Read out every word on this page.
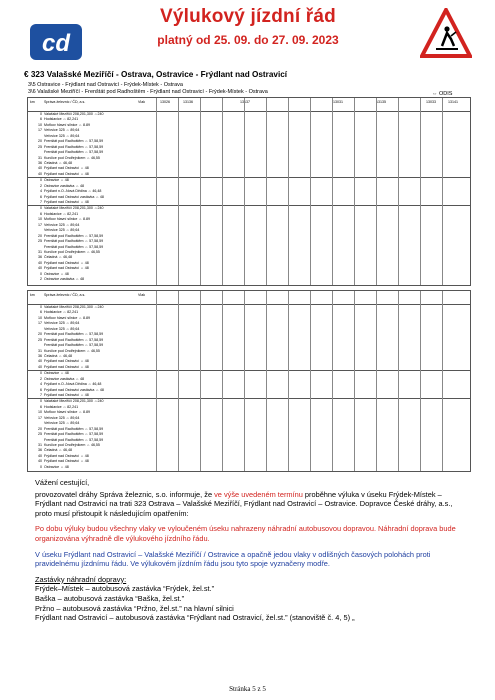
cd
Výlukový jízdní řád
platný od 25. 09. do 27. 09. 2023
€ 323 Valašské Meziříčí - Ostrava, Ostravice - Frýdlant nad Ostravicí
3\5 Ostravice - Frýdlant nad Ostravicí - Frýdek-Místek - Ostrava
3\6 Valašské Meziříčí - Frenštát pod Radhoštěm - Frýdlant nad Ostravicí - Frýdek-Místek - Ostrava	⇔ ODIS
km	Správa železnic / ČD, a.s.	Vlak	13026	13136	13137	13031	13135	13033	13141
0 Valašské Meziříčí 208,201,300 ⇔240
6 Hodslavice ⇔ 82,241
10 Mořkov hlavní silnice ⇔ 8.89
17 Veřovice 325 ⇔ 89,64
Veřovice 325 ⇔ 89,64
20 Frenštát pod Radhoštěm ⇔ 57,58,59
25 Frenštát pod Radhoštěm ⇔ 57,58,59
Frenštát pod Radhoštěm ⇔ 57,58,59
31 Kunčice pod Ondřejníkem ⇔ 46,55
36 Čeladná ⇔ 46,48
40 Frýdlant nad Ostravicí ⇔ 48
40 Frýdlant nad Ostravicí ⇔ 48
0 Ostravice ⇔ 48
2 Ostravice zastávka ⇔ 48
4 Frýdlant n.O.-Nová Dědina ⇔ 46,48
6 Frýdlant nad Ostravicí zastávka ⇔ 48
7 Frýdlant nad Ostravicí ⇔ 48
0 Valašské Meziříčí 208,201,300 ⇔240
6 Hodslavice ⇔ 82,241
10 Mořkov hlavní silnice ⇔ 8.89
17 Veřovice 325 ⇔ 89,64
Veřovice 325 ⇔ 89,64
20 Frenštát pod Radhoštěm ⇔ 57,58,59
25 Frenštát pod Radhoštěm ⇔ 57,58,59
Frenštát pod Radhoštěm ⇔ 57,58,59
31 Kunčice pod Ondřejníkem ⇔ 46,55
36 Čeladná ⇔ 46,48
40 Frýdlant nad Ostravicí ⇔ 48
40 Frýdlant nad Ostravicí ⇔ 48
0 Ostravice ⇔ 48
2 Ostravice zastávka ⇔ 48
km	Správa železnic / ČD, a.s.	Vlak
0 Valašské Meziříčí 208,201,300 ⇔240
6 Hodslavice ⇔ 82,241
10 Mořkov hlavní silnice ⇔ 8.89
17 Veřovice 325 ⇔ 89,64
Veřovice 325 ⇔ 89,64
20 Frenštát pod Radhoštěm ⇔ 57,58,59
25 Frenštát pod Radhoštěm ⇔ 57,58,59
Frenštát pod Radhoštěm ⇔ 57,58,59
31 Kunčice pod Ondřejníkem ⇔ 46,55
36 Čeladná ⇔ 46,48
40 Frýdlant nad Ostravicí ⇔ 48
40 Frýdlant nad Ostravicí ⇔ 48
0 Ostravice ⇔ 48
2 Ostravice zastávka ⇔ 48
4 Frýdlant n.O.-Nová Dědina ⇔ 46,48
6 Frýdlant nad Ostravicí zastávka ⇔ 48
7 Frýdlant nad Ostravicí ⇔ 48
0 Valašské Meziříčí 208,201,300 ⇔240
6 Hodslavice ⇔ 82,241
10 Mořkov hlavní silnice ⇔ 8.89
17 Veřovice 325 ⇔ 89,64
Veřovice 325 ⇔ 89,64
20 Frenštát pod Radhoštěm ⇔ 57,58,59
25 Frenštát pod Radhoštěm ⇔ 57,58,59
Frenštát pod Radhoštěm ⇔ 57,58,59
31 Kunčice pod Ondřejníkem ⇔ 46,55
36 Čeladná ⇔ 46,48
40 Frýdlant nad Ostravicí ⇔ 48
40 Frýdlant nad Ostravicí ⇔ 48
0 Ostravice ⇔ 48

Vážení cestující,

provozovatel dráhy Správa železnic, s.o. informuje, že ve výše uvedeném termínu proběhne výluka v úseku Frýdek-Místek – Frýdlant nad Ostravicí na trati 323 Ostrava – Valašské Meziříčí, Frýdlant nad Ostravicí – Ostravice. Dopravce České dráhy, a.s., proto musí přistoupit k následujícím opatřením:

Po dobu výluky budou všechny vlaky ve vyloučeném úseku nahrazeny náhradní autobusovou dopravou. Náhradní doprava bude organizována výhradně dle výlukového jízdního řádu.

V úseku Frýdlant nad Ostravicí – Valašské Meziříčí / Ostravice a opačně jedou vlaky v odlišných časových polohách proti pravidelnému jízdnímu řádu. Ve výlukovém jízdním řádu jsou tyto spoje vyznačeny modře.

Zastávky náhradní dopravy:
Frýdek–Místek – autobusová zastávka “Frýdek, žel.st.”
Baška – autobusová zastávka “Baška, žel.st.”
Pržno – autobusová zastávka “Pržno, žel.st.” na hlavní silnici
Frýdlant nad Ostravicí – autobusová zastávka “Frýdlant nad Ostravicí, žel.st.” (stanoviště č. 4, 5) „
Stránka 5 z 5
